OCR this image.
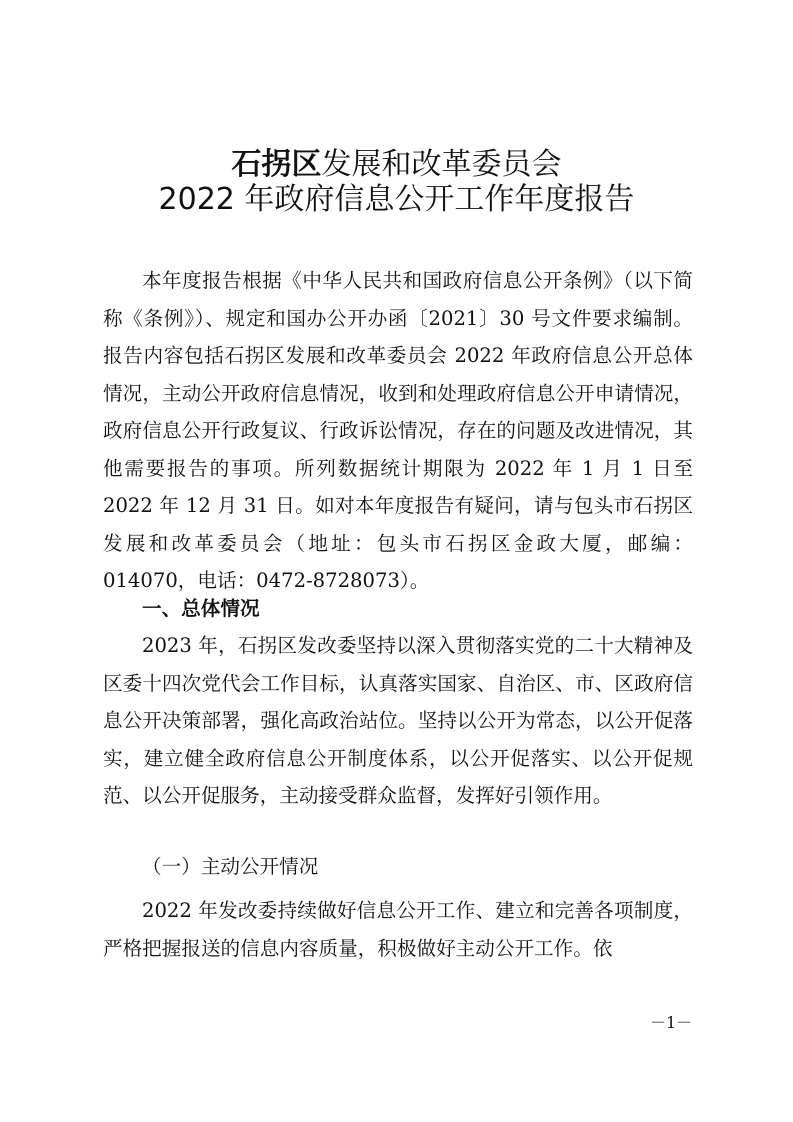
石拐区发展和改革委员会
2022 年政府信息公开工作年度报告

本年度报告根据《中华人民共和国政府信息公开条例》（以下简称《条例》）、规定和国办公开办函〔2021〕30 号文件要求编制。报告内容包括石拐区发展和改革委员会 2022 年政府信息公开总体情况，主动公开政府信息情况，收到和处理政府信息公开申请情况，政府信息公开行政复议、行政诉讼情况，存在的问题及改进情况，其他需要报告的事项。所列数据统计期限为 2022 年 1 月 1 日至 2022 年 12 月 31 日。如对本年度报告有疑问，请与包头市石拐区发展和改革委员会（地址：包头市石拐区金政大厦，邮编：014070，电话：0472-8728073）。

一、总体情况

2023 年，石拐区发改委坚持以深入贯彻落实党的二十大精神及区委十四次党代会工作目标，认真落实国家、自治区、市、区政府信息公开决策部署，强化高政治站位。坚持以公开为常态，以公开促落实，建立健全政府信息公开制度体系，以公开促落实、以公开促规范、以公开促服务，主动接受群众监督，发挥好引领作用。

（一）主动公开情况

2022 年发改委持续做好信息公开工作、建立和完善各项制度，严格把握报送的信息内容质量，积极做好主动公开工作。依

－1－
